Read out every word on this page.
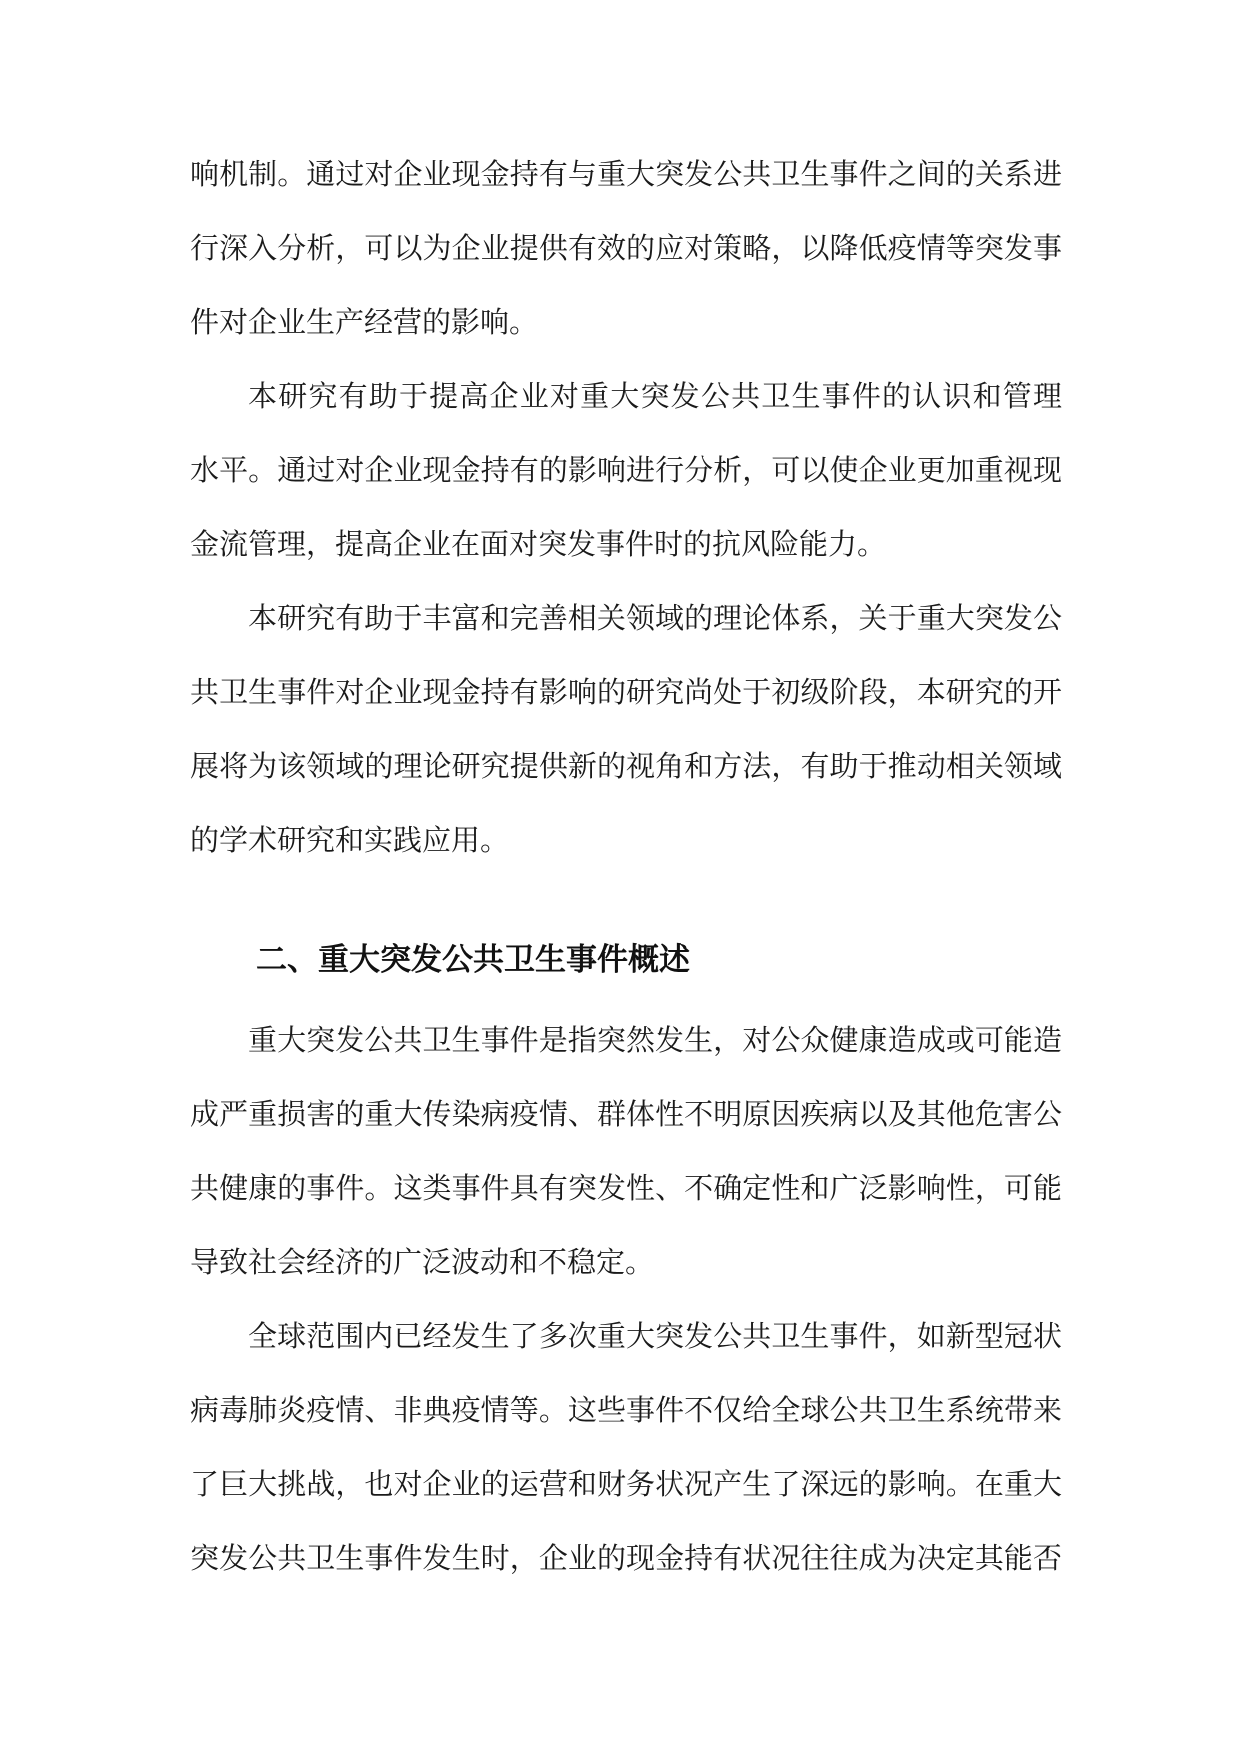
响机制。通过对企业现金持有与重大突发公共卫生事件之间的关系进
行深入分析，可以为企业提供有效的应对策略，以降低疫情等突发事
件对企业生产经营的影响。
本研究有助于提高企业对重大突发公共卫生事件的认识和管理
水平。通过对企业现金持有的影响进行分析，可以使企业更加重视现
金流管理，提高企业在面对突发事件时的抗风险能力。
本研究有助于丰富和完善相关领域的理论体系，关于重大突发公
共卫生事件对企业现金持有影响的研究尚处于初级阶段，本研究的开
展将为该领域的理论研究提供新的视角和方法，有助于推动相关领域
的学术研究和实践应用。
二、重大突发公共卫生事件概述
重大突发公共卫生事件是指突然发生，对公众健康造成或可能造
成严重损害的重大传染病疫情、群体性不明原因疾病以及其他危害公
共健康的事件。这类事件具有突发性、不确定性和广泛影响性，可能
导致社会经济的广泛波动和不稳定。
全球范围内已经发生了多次重大突发公共卫生事件，如新型冠状
病毒肺炎疫情、非典疫情等。这些事件不仅给全球公共卫生系统带来
了巨大挑战，也对企业的运营和财务状况产生了深远的影响。在重大
突发公共卫生事件发生时，企业的现金持有状况往往成为决定其能否
